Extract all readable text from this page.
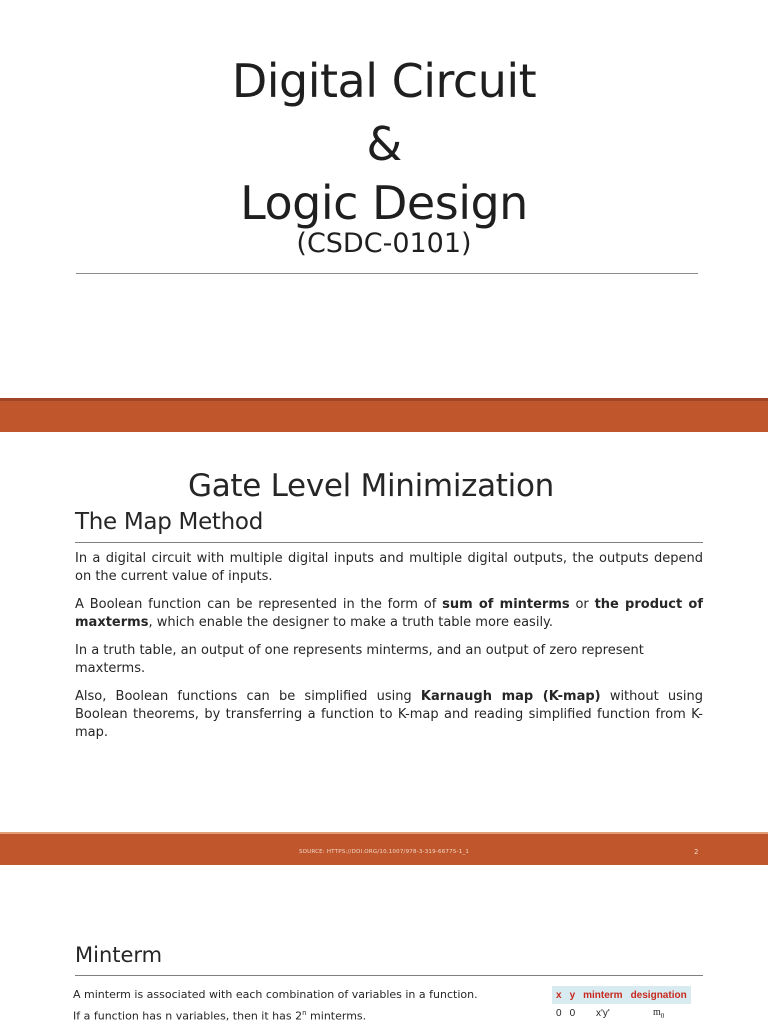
Digital Circuit
&
Logic Design
(CSDC-0101)
Gate Level Minimization
The Map Method

In a digital circuit with multiple digital inputs and multiple digital outputs, the outputs depend on the current value of inputs.

A Boolean function can be represented in the form of sum of minterms or the product of maxterms, which enable the designer to make a truth table more easily.

In a truth table, an output of one represents minterms, and an output of zero represent maxterms.

Also, Boolean functions can be simplified using Karnaugh map (K-map) without using Boolean theorems, by transferring a function to K-map and reading simplified function from K-map.

SOURCE: HTTPS://DOI.ORG/10.1007/978-3-319-66775-1_1	2
Minterm
A minterm is associated with each combination of variables in a function.
If a function has n variables, then it has 2$^n$ minterms.
x	y	minterm	designation
0	0	x'y'	$m_0$
